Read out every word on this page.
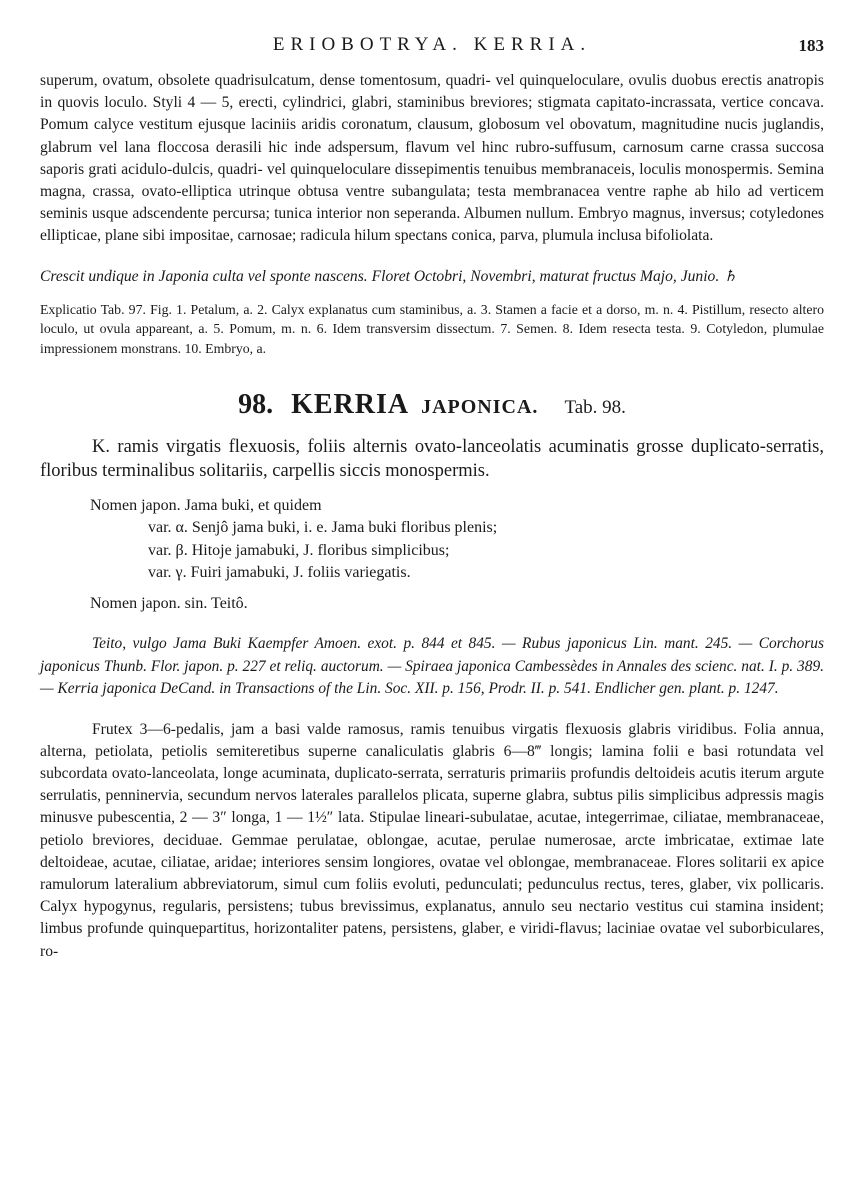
ERIOBOTRYA. KERRIA.	183

superum, ovatum, obsolete quadrisulcatum, dense tomentosum, quadri- vel quinqueloculare, ovulis duobus erectis anatropis in quovis loculo. Styli 4 — 5, erecti, cylindrici, glabri, staminibus breviores; stigmata capitato-incrassata, vertice concava. Pomum calyce vestitum ejusque laciniis aridis coronatum, clausum, globosum vel obovatum, magnitudine nucis juglandis, glabrum vel lana floccosa derasili hic inde adspersum, flavum vel hinc rubro-suffusum, carnosum carne crassa succosa saporis grati acidulo-dulcis, quadri- vel quinqueloculare dissepimentis tenuibus membranaceis, loculis monospermis. Semina magna, crassa, ovato-elliptica utrinque obtusa ventre subangulata; testa membranacea ventre raphe ab hilo ad verticem seminis usque adscendente percursa; tunica interior non seperanda. Albumen nullum. Embryo magnus, inversus; cotyledones ellipticae, plane sibi impositae, carnosae; radicula hilum spectans conica, parva, plumula inclusa bifoliolata.

Crescit undique in Japonia culta vel sponte nascens. Floret Octobri, Novembri, maturat fructus Majo, Junio. ♄

Explicatio Tab. 97. Fig. 1. Petalum, a. 2. Calyx explanatus cum staminibus, a. 3. Stamen a facie et a dorso, m. n. 4. Pistillum, resecto altero loculo, ut ovula appareant, a. 5. Pomum, m. n. 6. Idem transversim dissectum. 7. Semen. 8. Idem resecta testa. 9. Cotyledon, plumulae impressionem monstrans. 10. Embryo, a.

98. KERRIA JAPONICA. Tab. 98.

K. ramis virgatis flexuosis, foliis alternis ovato-lanceolatis acuminatis grosse duplicato-serratis, floribus terminalibus solitariis, carpellis siccis monospermis.

Nomen japon. Jama buki, et quidem
var. α. Senjô jama buki, i. e. Jama buki floribus plenis;
var. β. Hitoje jamabuki, J. floribus simplicibus;
var. γ. Fuiri jamabuki, J. foliis variegatis.
Nomen japon. sin. Teitô.

Teito, vulgo Jama Buki Kaempfer Amoen. exot. p. 844 et 845. — Rubus japonicus Lin. mant. 245. — Corchorus japonicus Thunb. Flor. japon. p. 227 et reliq. auctorum. — Spiraea japonica Cambessèdes in Annales des scienc. nat. I. p. 389. — Kerria japonica DeCand. in Transactions of the Lin. Soc. XII. p. 156, Prodr. II. p. 541. Endlicher gen. plant. p. 1247.

Frutex 3—6-pedalis, jam a basi valde ramosus, ramis tenuibus virgatis flexuosis glabris viridibus. Folia annua, alterna, petiolata, petiolis semiteretibus superne canaliculatis glabris 6—8‴ longis; lamina folii e basi rotundata vel subcordata ovato-lanceolata, longe acuminata, duplicato-serrata, serraturis primariis profundis deltoideis acutis iterum argute serrulatis, penninervia, secundum nervos laterales parallelos plicata, superne glabra, subtus pilis simplicibus adpressis magis minusve pubescentia, 2 — 3″ longa, 1 — 1½″ lata. Stipulae lineari-subulatae, acutae, integerrimae, ciliatae, membranaceae, petiolo breviores, deciduae. Gemmae perulatae, oblongae, acutae, perulae numerosae, arcte imbricatae, extimae late deltoideae, acutae, ciliatae, aridae; interiores sensim longiores, ovatae vel oblongae, membranaceae. Flores solitarii ex apice ramulorum lateralium abbreviatorum, simul cum foliis evoluti, pedunculati; pedunculus rectus, teres, glaber, vix pollicaris. Calyx hypogynus, regularis, persistens; tubus brevissimus, explanatus, annulo seu nectario vestitus cui stamina insident; limbus profunde quinquepartitus, horizontaliter patens, persistens, glaber, e viridi-flavus; laciniae ovatae vel suborbiculares, ro-
